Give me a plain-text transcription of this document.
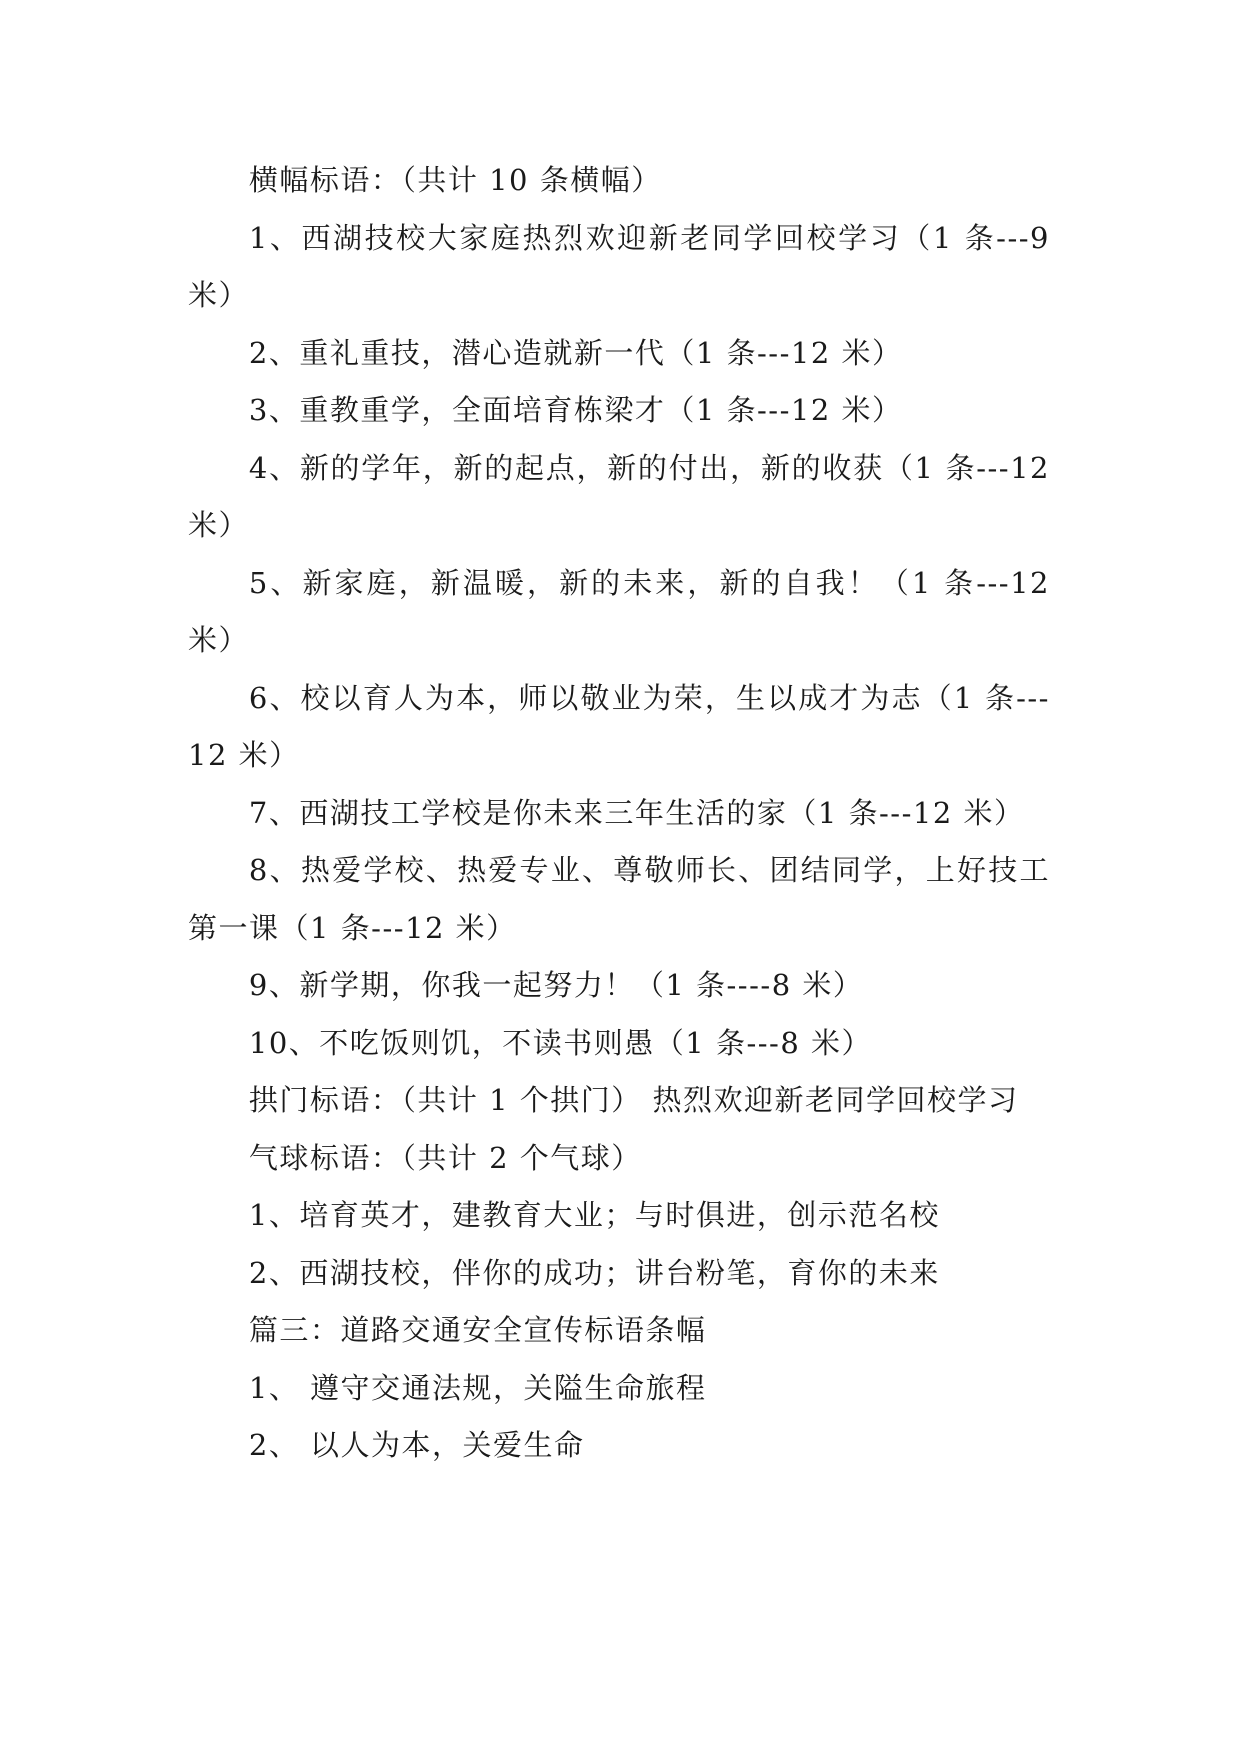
横幅标语：（共计 10 条横幅）

1、西湖技校大家庭热烈欢迎新老同学回校学习（1 条---9 米）

2、重礼重技，潜心造就新一代（1 条---12 米）

3、重教重学，全面培育栋梁才（1 条---12 米）

4、新的学年，新的起点，新的付出，新的收获（1 条---12 米）

5、新家庭，新温暖，新的未来，新的自我！（1 条---12 米）

6、校以育人为本，师以敬业为荣，生以成才为志（1 条---12 米）

7、西湖技工学校是你未来三年生活的家（1 条---12 米）

8、热爱学校、热爱专业、尊敬师长、团结同学，上好技工第一课（1 条---12 米）

9、新学期，你我一起努力！（1 条----8 米）

10、不吃饭则饥，不读书则愚（1 条---8 米）

拱门标语：（共计 1 个拱门） 热烈欢迎新老同学回校学习

气球标语：（共计 2 个气球）

1、培育英才，建教育大业；与时俱进，创示范名校

2、西湖技校，伴你的成功；讲台粉笔，育你的未来

篇三：道路交通安全宣传标语条幅

1、 遵守交通法规，关隘生命旅程

2、 以人为本，关爱生命
